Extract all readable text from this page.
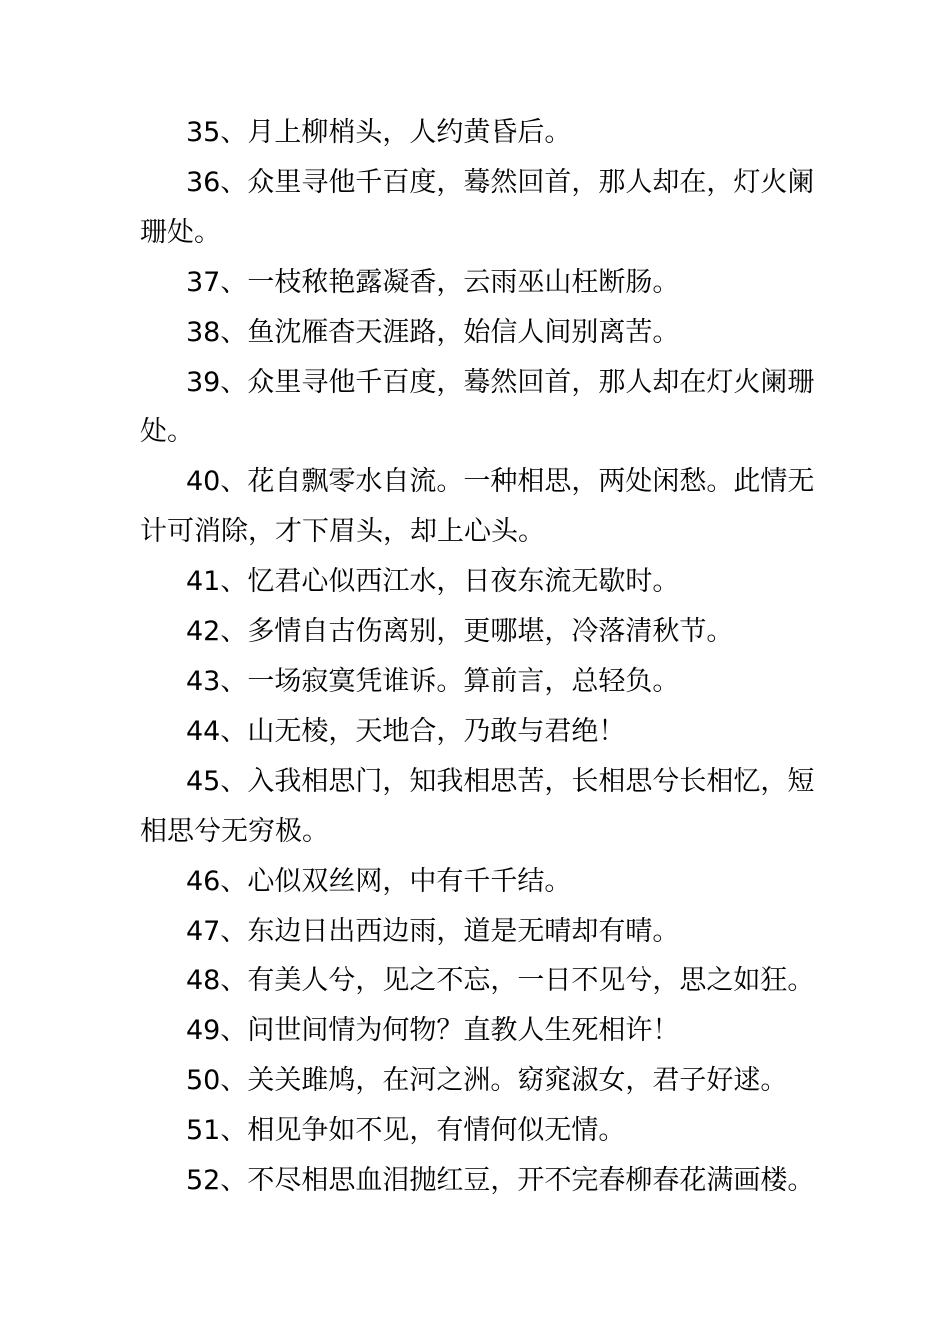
35、月上柳梢头，人约黄昏后。

36、众里寻他千百度，蓦然回首，那人却在，灯火阑珊处。

37、一枝秾艳露凝香，云雨巫山枉断肠。

38、鱼沈雁杳天涯路，始信人间别离苦。

39、众里寻他千百度，蓦然回首，那人却在灯火阑珊处。

40、花自飘零水自流。一种相思，两处闲愁。此情无计可消除，才下眉头，却上心头。

41、忆君心似西江水，日夜东流无歇时。

42、多情自古伤离别，更哪堪，冷落清秋节。

43、一场寂寞凭谁诉。算前言，总轻负。

44、山无棱，天地合，乃敢与君绝！

45、入我相思门，知我相思苦，长相思兮长相忆，短相思兮无穷极。

46、心似双丝网，中有千千结。

47、东边日出西边雨，道是无晴却有晴。

48、有美人兮，见之不忘，一日不见兮，思之如狂。

49、问世间情为何物？直教人生死相许！

50、关关雎鸠，在河之洲。窈窕淑女，君子好逑。

51、相见争如不见，有情何似无情。

52、不尽相思血泪抛红豆，开不完春柳春花满画楼。
